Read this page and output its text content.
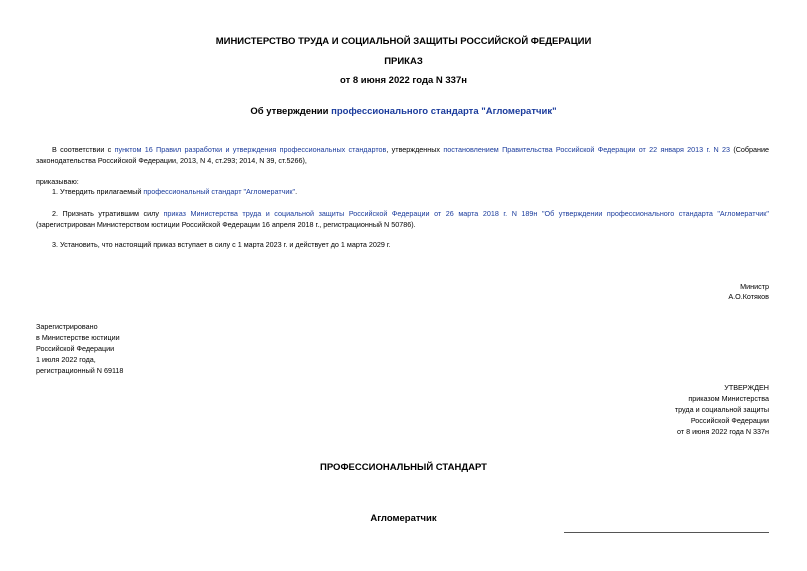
МИНИСТЕРСТВО ТРУДА И СОЦИАЛЬНОЙ ЗАЩИТЫ РОССИЙСКОЙ ФЕДЕРАЦИИ
ПРИКАЗ
от 8 июня 2022 года N 337н
Об утверждении профессионального стандарта "Агломератчик"
В соответствии с пунктом 16 Правил разработки и утверждения профессиональных стандартов, утвержденных постановлением Правительства Российской Федерации от 22 января 2013 г. N 23 (Собрание законодательства Российской Федерации, 2013, N 4, ст.293; 2014, N 39, ст.5266),
приказываю:
1. Утвердить прилагаемый профессиональный стандарт "Агломератчик".
2. Признать утратившим силу приказ Министерства труда и социальной защиты Российской Федерации от 26 марта 2018 г. N 189н "Об утверждении профессионального стандарта "Агломератчик" (зарегистрирован Министерством юстиции Российской Федерации 16 апреля 2018 г., регистрационный N 50786).
3. Установить, что настоящий приказ вступает в силу с 1 марта 2023 г. и действует до 1 марта 2029 г.
Министр
А.О.Котяков
Зарегистрировано
в Министерстве юстиции
Российской Федерации
1 июля 2022 года,
регистрационный N 69118
УТВЕРЖДЕН
приказом Министерства
труда и социальной защиты
Российской Федерации
от 8 июня 2022 года N 337н
ПРОФЕССИОНАЛЬНЫЙ СТАНДАРТ
Агломератчик
